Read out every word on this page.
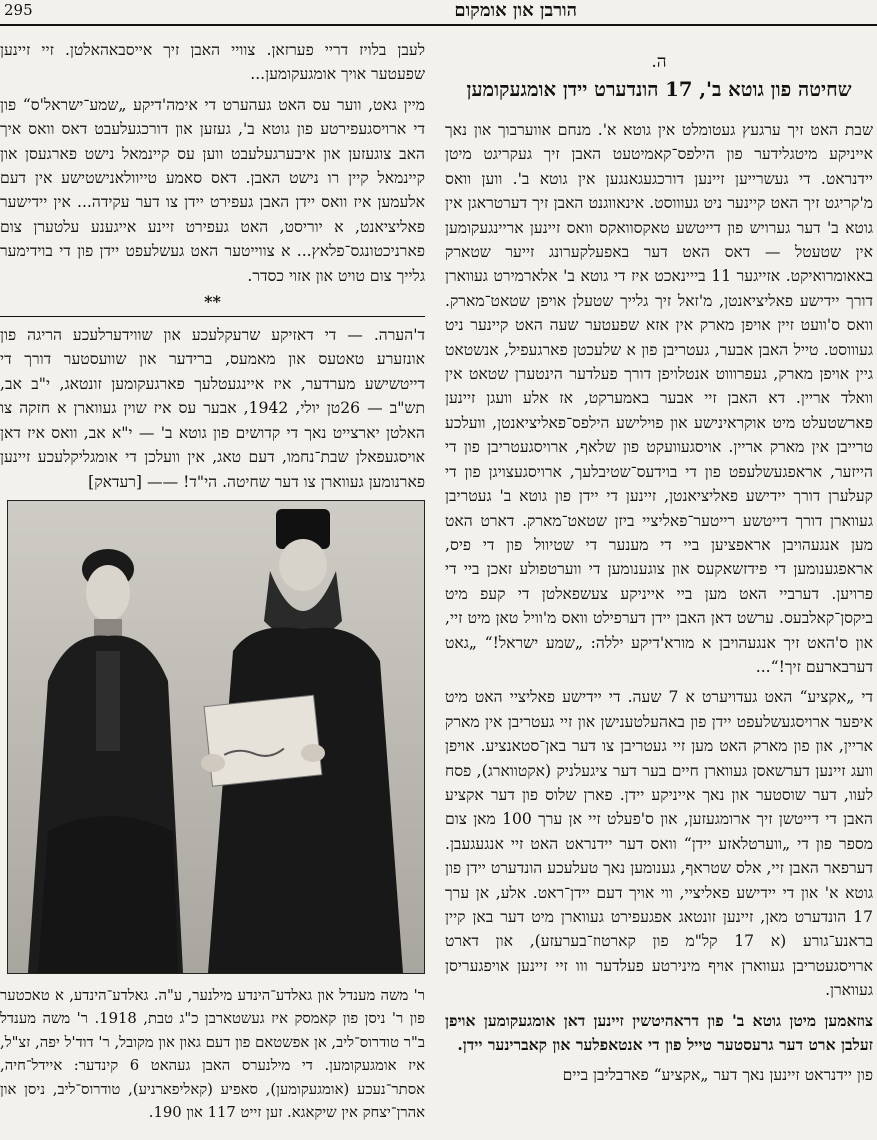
295	הורבן און אומקום

לעבן בלויז דריי פערזאן. צוויי האבן זיך אייסבאהאלטן. זיי זיינען שפעטער אויך אומגעקומען...

מיין גאט, ווער עס האט געהערט די אימה'דיקע „שמע־ישראל'ס“ פון די ארויסגעפירטע פון גוטא ב', געזען און דורכגעלעבט דאס וואס איך האב צוגעזען און איבערגעלעבט ווען עס קיינמאל נישט פארגעסן און קיינמאל קיין רו נישט האבן. דאס סאמע טייוולאנישטישע אין דעם אלעמען איז וואס יידן האבן געפירט יידן צו דער עקידה... אין יידישער פאליציאנט, א יוריסט, האט געפירט זיינע אייגענע עלטערן צום פארניכטונגס־פלאץ... א צווייטער האט געשלעפט יידן פון די בוידימער גלייך צום טויט און אזוי כסדר.

**

ד'הערה. — די דאזיקע שרעקלעכע און שווידערלעכע הריגה פון אונזערע טאטעס און מאמעס, ברידער און שוועסטער דורך די דייטשישע מערדער, איז איינגעטלעך פארגעקומען זונטאג, י"ב אב, תש"ב — 26טן יולי, 1942, אבער עס איז שוין געווארן א חזקה צו האלטן יארצייט נאך די קדושים פון גוטא ב' — י"א אב, וואס איז דאן אויסגעפאלן שבת־נחמו, דעם טאג, אין וועלכן די אומגליקלעכע זיינען פארנומען געווארן צו דער שחיטה. הי"ד! —— [רעדאק]

ר' משה מענדל און גאלדע־הינדע מילנער, ע"ה. גאלדע־הינדע, א טאכטער פון ר' ניסן פון קאמסק איז געשטארבן כ"ג טבת, 1918. ר' משה מענדל ב"ר טודרוס־ליב, אן אפשטאם פון דעם גאון און מקובל, ר' דוד'ל יפה, זצ"ל, איז אומגעקומען. די מילנערס האבן געהאט 6 קינדער: איידל־חיה, אסתר־נעכע (אומגעקומען), סאפיע (קאליפארניע), טודרוס־ליב, ניסן און אהרן־יצחק אין שיקאגא. זען זייט 117 און 190.
ה.
שחיטה פון גוטא ב', 17 הונדערט יידן אומגעקומען

שבת האט זיך ערגעץ געטומלט אין גוטא א'. מנחם אווערבוך און נאך אייניקע מיטגלידער פון הילפס־קאמיטעט האבן זיך געקריגט מיטן יידנראט. די געשרייען זיינען דורכגעגאנגען אין גוטא ב'. ווען וואס מ'קריגט זיך האט קיינער ניט געוווסט. אינאווגנט האבן זיך דערטראגן אין גוטא ב' דער גערויש פון דייטשע טאקסוואקס וואס זיינען אריינגעקומען אין שטעטל — דאס האט דער באפעלקערונג זייער שטארק באאומרואיקט. אזייגער 11 בייינאכט איז די גוטא ב' אלארמירט געווארן דורך יידישע פאליציאנטן, מ'זאל זיך גלייך שטעלן אויפן שטאט־מארק. וואס ס'וועט זיין אויפן מארק אין אזא שפעטער שעה האט קיינער ניט געוווסט. טייל האבן אבער, געטריבן פון א שלעכטן פארגעפיל, אנשטאט גיין אויפן מארק, געפרוווט אנטלויפן דורך פעלדער הינטערן שטאט אין וואלד אריין. דא האבן זיי אבער באמערקט, אז אלע וועגן זיינען פארשטעלט מיט אוקראינישע און פוילישע הילפס־פאליציאנטן, וועלכע טרייבן אין מארק אריין. אויסגעוועקט פון שלאף, ארויסגעטריבן פון די הייזער, אראפגעשלעפט פון די בוידעס־שטיבלעך, ארויסגעצויגן פון די קעלערן דורך יידישע פאליציאנטן, זיינען די יידן פון גוטא ב' געטריבן געווארן דורך דייטשע רייטער־פאליציי ביזן שטאט־מארק. דארט האט מען אנגעהויבן אראפציען ביי די מענער די שטיוול פון די פיס, אראפגענומען די פידזשאקעס און צוגענומען די ווערטפולע זאכן ביי די פרויען. דערביי האט מען ביי אייניקע צעשפאלטן די קעפ מיט ביקסן־קאלבעס. ערשט דאן האבן יידן דערפילט וואס מ'וויל טאן מיט זיי, און ס'האט זיך אנגעהויבן א מורא'דיקע יללה: „שמע ישראל!“ „גאט דערבארעם זיך!“...

די „אקציע“ האט געדויערט א 7 שעה. די יידישע פאליציי האט מיט איפער ארויסגעשלעפט יידן פון באהעלטענישן און זיי געטריבן אין מארק אריין, און פון מארק האט מען זיי געטריבן צו דער באן־סטאנציע. אויפן וועג זיינען דערשאסן געווארן חיים בער דער ציגעלניק (אקטווארג), פסח לעוו, דער שוסטער און נאך אייניקע יידן. פארן שלוס פון דער אקציע האבן די דייטשן זיך ארומגעזען, און ס'פעלט זיי אן ערך 100 מאן צום מספר פון די „ווערטלאזע יידן“ וואס דער יידנראט האט זיי אנגעגעבן. דערפאר האבן זיי, אלס שטראף, גענומען נאך טעלעכע הונדערט יידן פון גוטא א' און די יידישע פאליציי, ווי אויך דעם יידן־ראט. אלע, אן ערך 17 הונדערט מאן, זיינען זונטאג אפגעפירט געווארן מיט דער באן קיין בראנע־גורע (א 17 קל"מ פון קארטוז־בערעזע), און דארט ארויסגעטריבן געווארן אויף מינירטע פעלדער ווו זיי זיינען אויפגעריסן געווארן.

צוזאמען מיטן גוטא ב' פון דראהיטשין זיינען דאן אומגעקומען אויפן זעלבן ארט דער גרעסטער טייל פון די אנטאפלער און קאברינער יידן.

פון יידנראט זיינען נאך דער „אקציע“ פארבליבן ביים
